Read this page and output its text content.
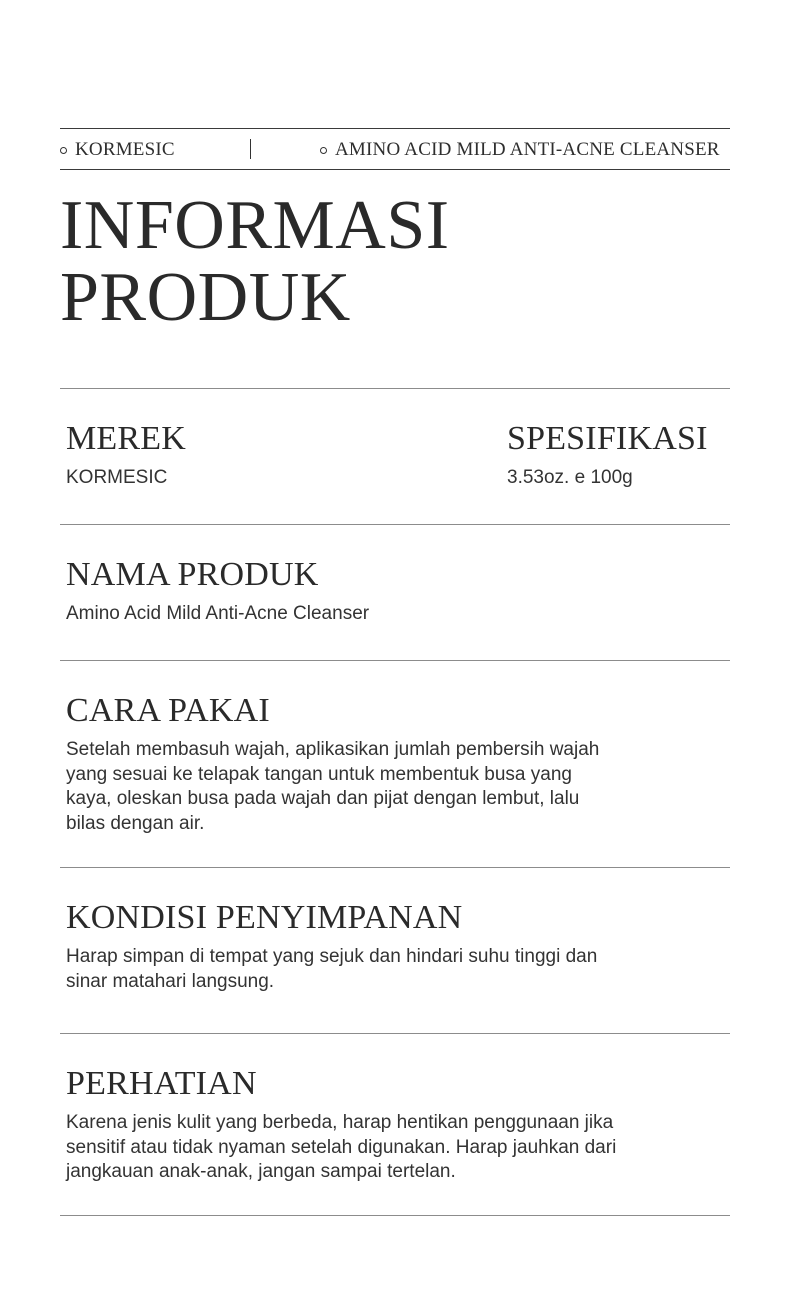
KORMESIC	AMINO ACID MILD ANTI-ACNE CLEANSER
INFORMASI
PRODUK
MEREK
KORMESIC
SPESIFIKASI
3.53oz. e 100g
NAMA PRODUK
Amino Acid Mild Anti-Acne Cleanser
CARA PAKAI
Setelah membasuh wajah, aplikasikan jumlah pembersih wajah
yang sesuai ke telapak tangan untuk membentuk busa yang
kaya, oleskan busa pada wajah dan pijat dengan lembut, lalu
bilas dengan air.
KONDISI PENYIMPANAN
Harap simpan di tempat yang sejuk dan hindari suhu tinggi dan
sinar matahari langsung.
PERHATIAN
Karena jenis kulit yang berbeda, harap hentikan penggunaan jika
sensitif atau tidak nyaman setelah digunakan. Harap jauhkan dari
jangkauan anak-anak, jangan sampai tertelan.
